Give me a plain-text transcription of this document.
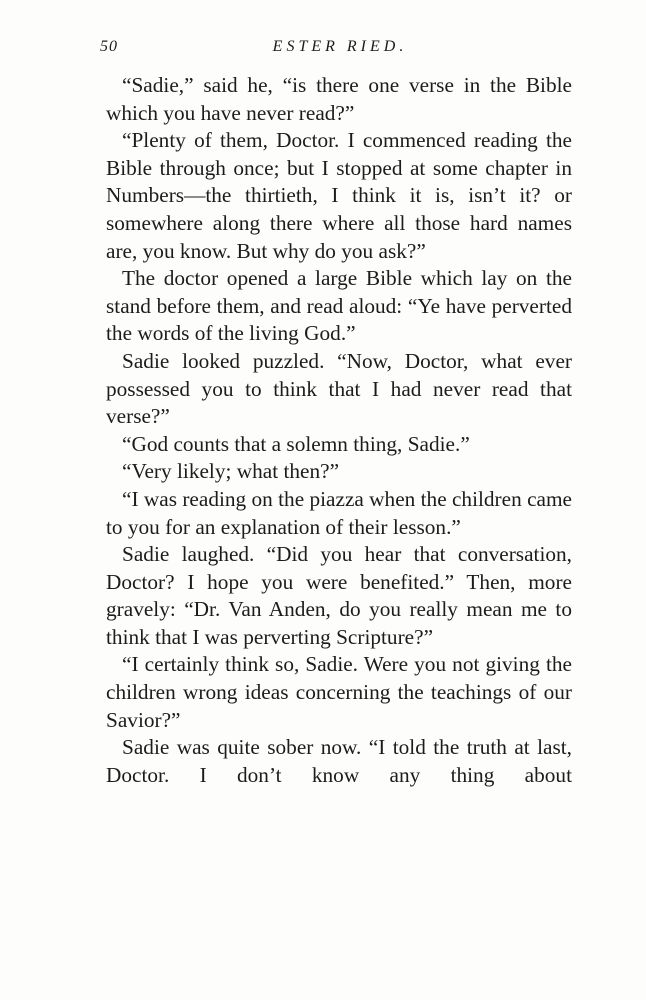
50	ESTER RIED.

“Sadie,” said he, “is there one verse in the Bible which you have never read?”

“Plenty of them, Doctor. I commenced reading the Bible through once; but I stopped at some chapter in Numbers—the thirtieth, I think it is, isn’t it? or somewhere along there where all those hard names are, you know. But why do you ask?”

The doctor opened a large Bible which lay on the stand before them, and read aloud: “Ye have perverted the words of the living God.”

Sadie looked puzzled. “Now, Doctor, what ever possessed you to think that I had never read that verse?”

“God counts that a solemn thing, Sadie.”

“Very likely; what then?”

“I was reading on the piazza when the children came to you for an explanation of their lesson.”

Sadie laughed. “Did you hear that conversation, Doctor? I hope you were benefited.” Then, more gravely: “Dr. Van Anden, do you really mean me to think that I was perverting Scripture?”

“I certainly think so, Sadie. Were you not giving the children wrong ideas concerning the teachings of our Savior?”

Sadie was quite sober now. “I told the truth at last, Doctor. I don’t know any thing about
